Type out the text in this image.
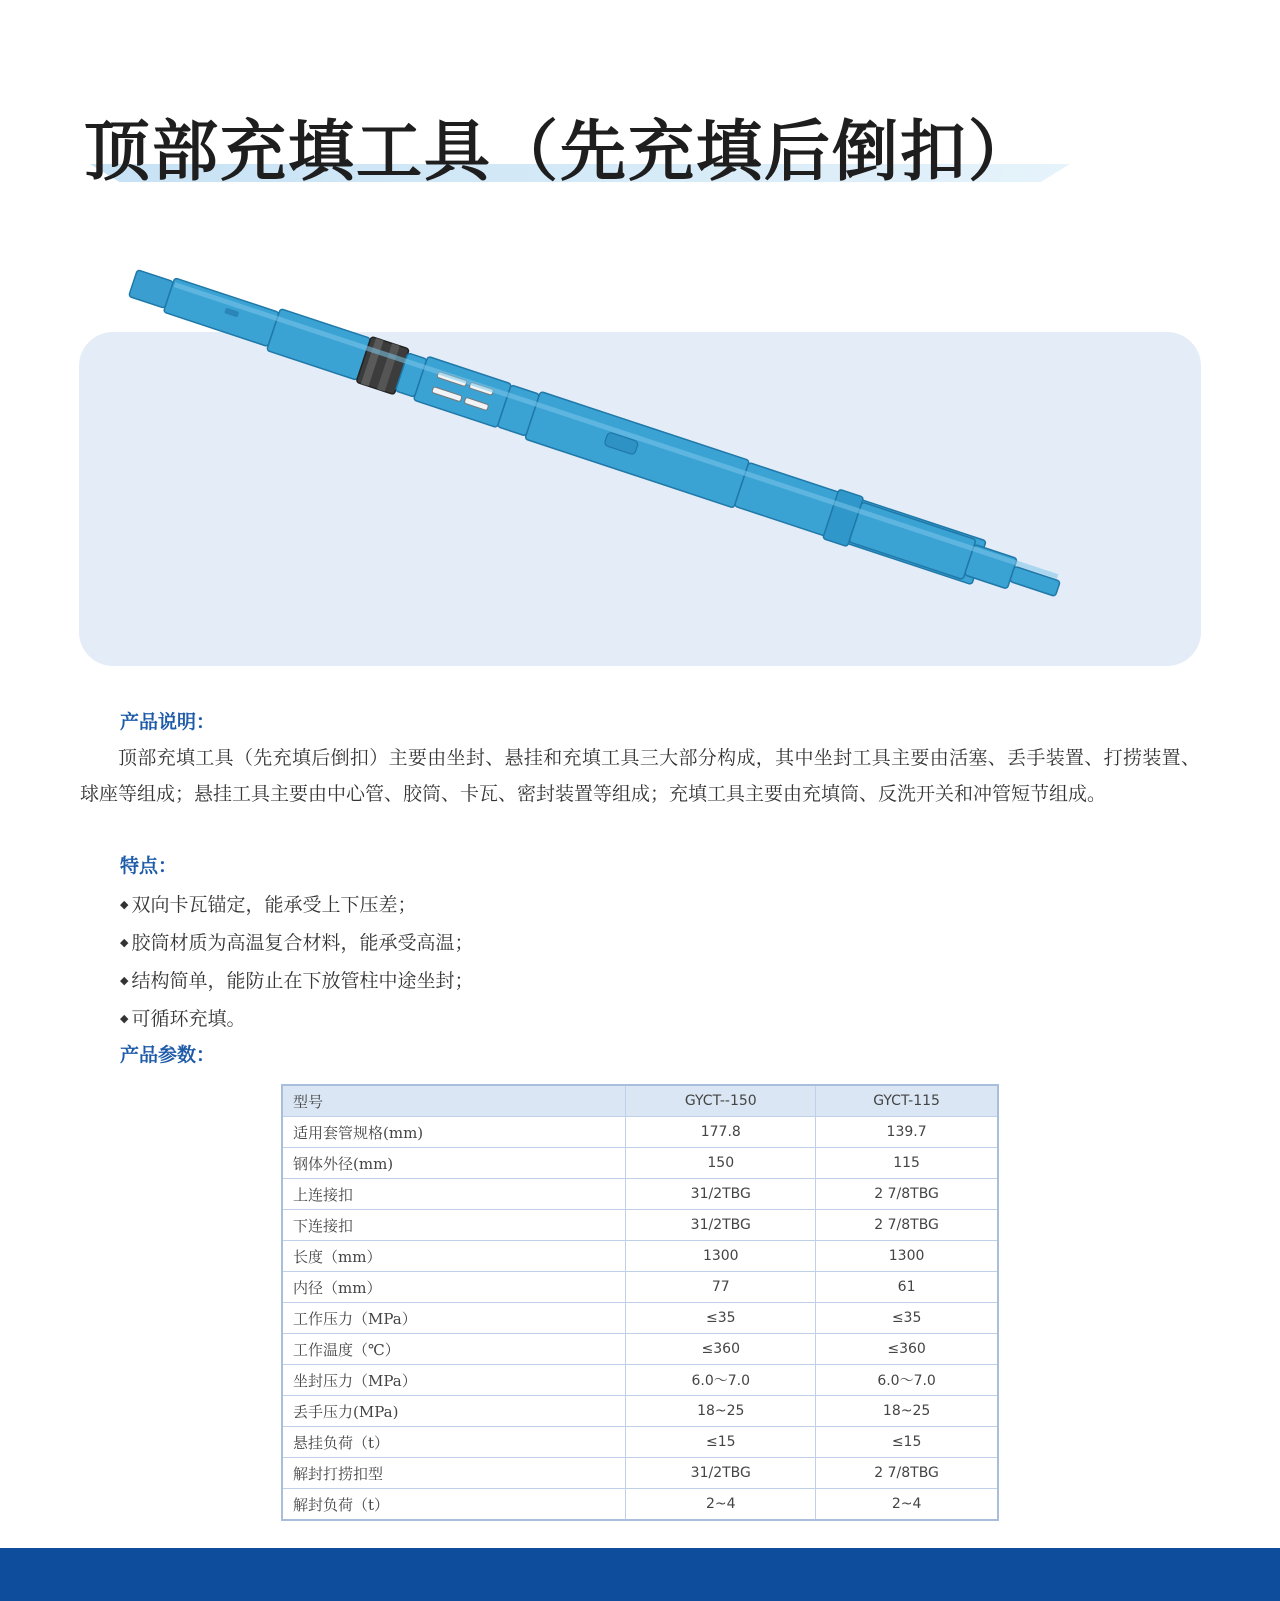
顶部充填工具（先充填后倒扣）
产品说明：

顶部充填工具（先充填后倒扣）主要由坐封、悬挂和充填工具三大部分构成，其中坐封工具主要由活塞、丢手装置、打捞装置、球座等组成；悬挂工具主要由中心管、胶筒、卡瓦、密封装置等组成；充填工具主要由充填筒、反洗开关和冲管短节组成。

特点：
◆ 双向卡瓦锚定，能承受上下压差；
◆ 胶筒材质为高温复合材料，能承受高温；
◆ 结构简单，能防止在下放管柱中途坐封；
◆ 可循环充填。
产品参数：
型号	GYCT--150	GYCT-115
适用套管规格(mm)	177.8	139.7
钢体外径(mm)	150	115
上连接扣	31/2TBG	2 7/8TBG
下连接扣	31/2TBG	2 7/8TBG
长度（mm）	1300	1300
内径（mm）	77	61
工作压力（MPa）	≤35	≤35
工作温度（℃）	≤360	≤360
坐封压力（MPa）	6.0～7.0	6.0～7.0
丢手压力(MPa)	18~25	18~25
悬挂负荷（t）	≤15	≤15
解封打捞扣型	31/2TBG	2 7/8TBG
解封负荷（t）	2~4	2~4
